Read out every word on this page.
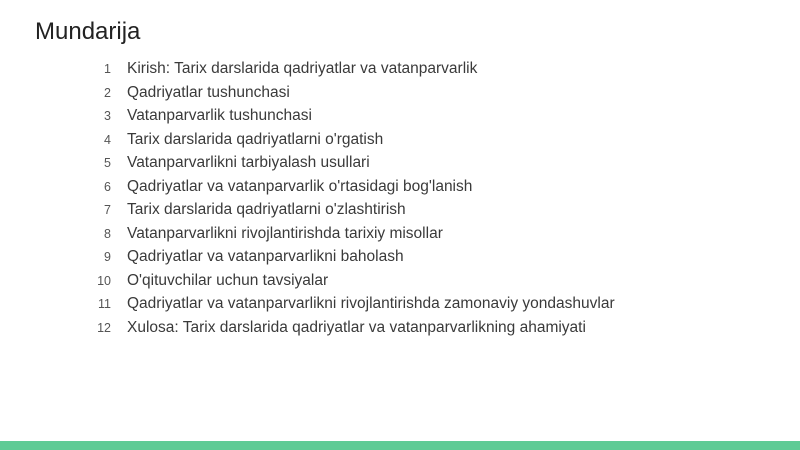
Mundarija
1 Kirish: Tarix darslarida qadriyatlar va vatanparvarlik
2 Qadriyatlar tushunchasi
3 Vatanparvarlik tushunchasi
4 Tarix darslarida qadriyatlarni o'rgatish
5 Vatanparvarlikni tarbiyalash usullari
6 Qadriyatlar va vatanparvarlik o'rtasidagi bog'lanish
7 Tarix darslarida qadriyatlarni o'zlashtirish
8 Vatanparvarlikni rivojlantirishda tarixiy misollar
9 Qadriyatlar va vatanparvarlikni baholash
10 O'qituvchilar uchun tavsiyalar
11 Qadriyatlar va vatanparvarlikni rivojlantirishda zamonaviy yondashuvlar
12 Xulosa: Tarix darslarida qadriyatlar va vatanparvarlikning ahamiyati
